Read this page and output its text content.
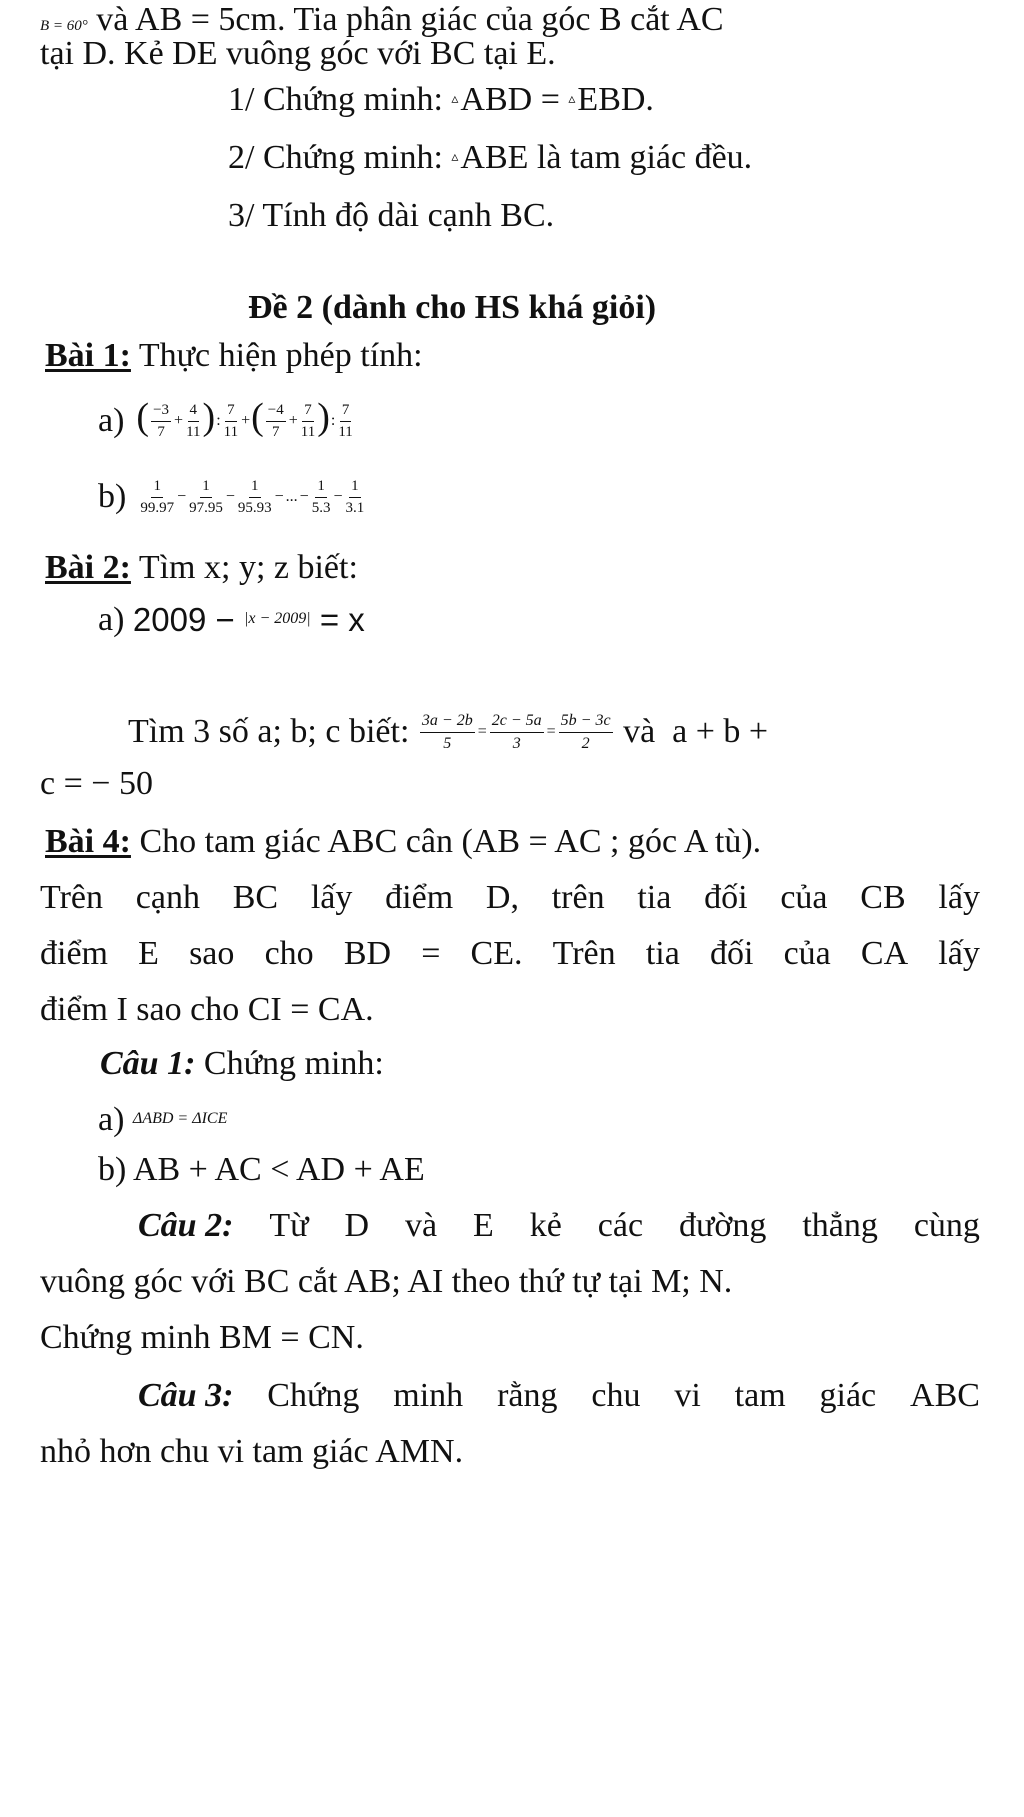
B = 60° và AB = 5cm. Tia phân giác của góc B cắt AC
tại D. Kẻ DE vuông góc với BC tại E.
1/ Chứng minh: ▵ABD = ▵EBD.
2/ Chứng minh: ▵ABE là tam giác đều.
3/ Tính độ dài cạnh BC.
Đề 2 (dành cho HS khá giỏi)
Bài 1: Thực hiện phép tính:
a) ( $\frac{-3}{7} + \frac{4}{11}$ ) : $\frac{7}{11}$ + ( $\frac{-4}{7} + \frac{7}{11}$ ) : $\frac{7}{11}$
$b) \frac{1}{99.97} - \frac{1}{97.95} - \frac{1}{95.93}$ − ... − $\frac{1}{5.3} - \frac{1}{3.1}$
Bài 2: Tìm x; y; z biết:
a) 2009 − |x − 2009| = x
Tìm 3 số a; b; c biết: $\frac{3a - 2b}{5} = \frac{2c - 5a}{3} = \frac{5b - 3c}{2}$ và  a + b +
c = − 50
Bài 4: Cho tam giác ABC cân (AB = AC ; góc A tù).
Trên cạnh BC lấy điểm D, trên tia đối của CB lấy
điểm E sao cho BD = CE. Trên tia đối của CA lấy
điểm I sao cho CI = CA.
Câu 1: Chứng minh:
a) ΔABD = ΔICE
b) AB + AC < AD + AE
Câu 2: Từ D và E kẻ các đường thẳng cùng
vuông góc với BC cắt AB; AI theo thứ tự tại M; N.
Chứng minh BM = CN.
Câu 3: Chứng minh rằng chu vi tam giác ABC
nhỏ hơn chu vi tam giác AMN.
